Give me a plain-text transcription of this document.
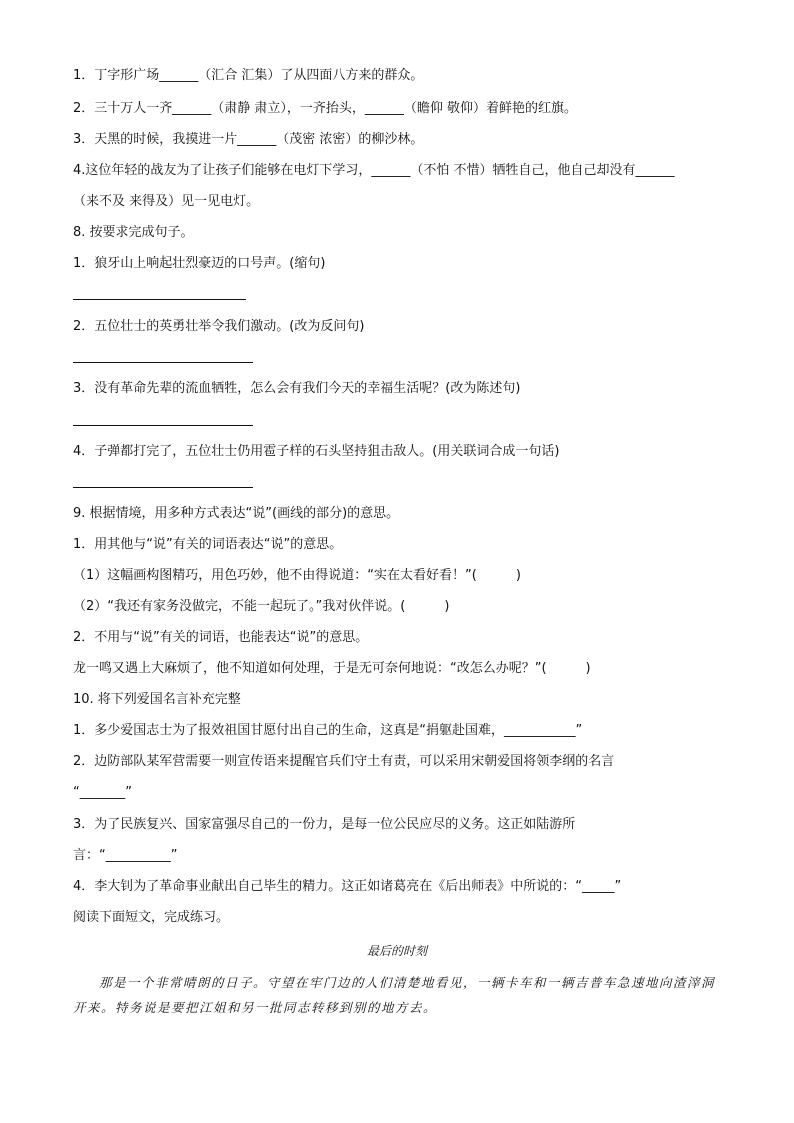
1．丁字形广场______（汇合 汇集）了从四面八方来的群众。
2．三十万人一齐______（肃静 肃立），一齐抬头，______（瞻仰 敬仰）着鲜艳的红旗。
3．天黑的时候，我摸进一片______（茂密 浓密）的柳沙林。
4.这位年轻的战友为了让孩子们能够在电灯下学习，______（不怕 不惜）牺牲自己，他自己却没有______
（来不及 来得及）见一见电灯。
8. 按要求完成句子。
1．狼牙山上响起壮烈豪迈的口号声。(缩句)
2．五位壮士的英勇壮举令我们激动。(改为反问句)
3．没有革命先辈的流血牺牲，怎么会有我们今天的幸福生活呢？(改为陈述句)
4．子弹都打完了，五位壮士仍用雹子样的石头坚持狙击敌人。(用关联词合成一句话)
9. 根据情境，用多种方式表达“说”(画线的部分)的意思。
1．用其他与“说”有关的词语表达“说”的意思。
（1）这幅画构图精巧，用色巧妙，他不由得说道：“实在太看好看！”(　　　)
（2）“我还有家务没做完，不能一起玩了。”我对伙伴说。(　　　)
2．不用与“说”有关的词语，也能表达“说”的意思。
龙一鸣又遇上大麻烦了，他不知道如何处理，于是无可奈何地说：“改怎么办呢？”(　　　)
10. 将下列爱国名言补充完整
1．多少爱国志士为了报效祖国甘愿付出自己的生命，这真是“捐躯赴国难，___________”
2．边防部队某军营需要一则宣传语来提醒官兵们守土有责，可以采用宋朝爱国将领李纲的名言
“_______”
3．为了民族复兴、国家富强尽自己的一份力，是每一位公民应尽的义务。这正如陆游所
言：“__________”
4．李大钊为了革命事业献出自己毕生的精力。这正如诸葛亮在《后出师表》中所说的：“_____”
阅读下面短文，完成练习。
最后的时刻
那是一个非常晴朗的日子。守望在牢门边的人们清楚地看见，一辆卡车和一辆吉普车急速地向渣滓洞开来。特务说是要把江姐和另一批同志转移到别的地方去。
